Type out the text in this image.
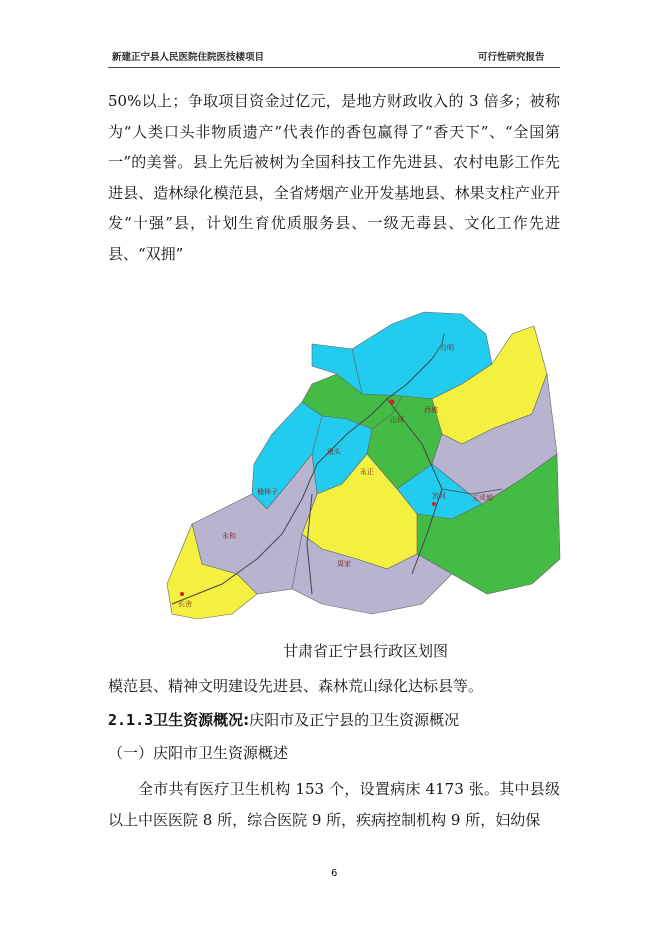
新建正宁县人民医院住院医技楼项目	可行性研究报告

50%以上；争取项目资金过亿元，是地方财政收入的 3 倍多；被称为“人类口头非物质遗产”代表作的香包赢得了“香天下”、“全国第一”的美誉。县上先后被树为全国科技工作先进县、农村电影工作先进县、造林绿化模范县，全省烤烟产业开发基地县、林果支柱产业开发“十强”县，计划生育优质服务县、一级无毒县、文化工作先进县、“双拥”

月明
西坡
山河
永正
宫河
湫头
五顷塬
周家
永和
榆林子
长舍
甘肃省正宁县行政区划图

模范县、精神文明建设先进县、森林荒山绿化达标县等。

2.1.3卫生资源概况:庆阳市及正宁县的卫生资源概况
（一）庆阳市卫生资源概述

全市共有医疗卫生机构 153 个，设置病床 4173 张。其中县级以上中医医院 8 所，综合医院 9 所，疾病控制机构 9 所，妇幼保

6
